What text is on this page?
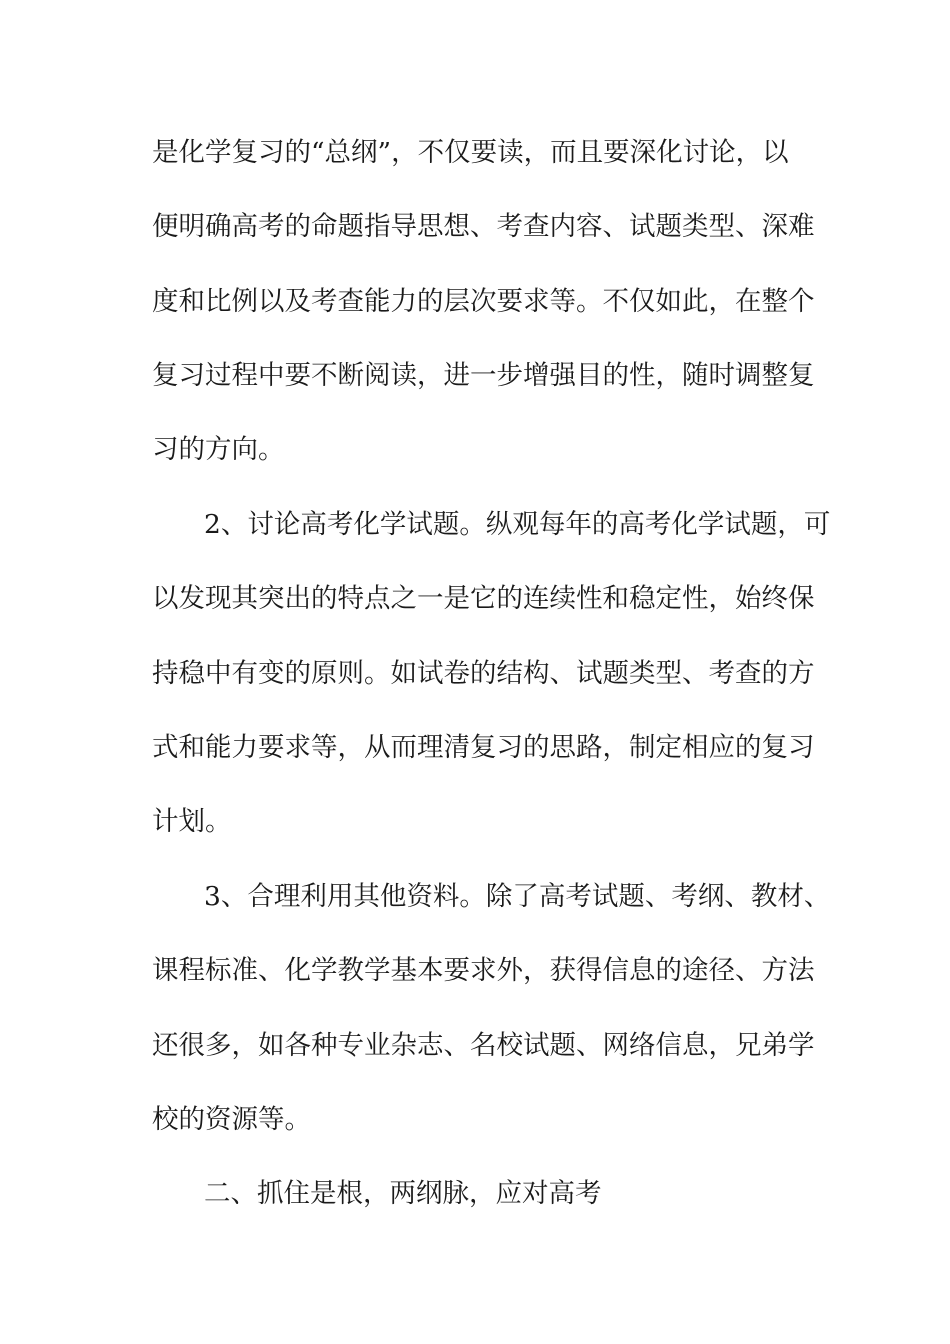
是化学复习的“总纲”，不仅要读，而且要深化讨论，以
便明确高考的命题指导思想、考查内容、试题类型、深难
度和比例以及考查能力的层次要求等。不仅如此，在整个
复习过程中要不断阅读，进一步增强目的性，随时调整复
习的方向。
2、讨论高考化学试题。纵观每年的高考化学试题，可
以发现其突出的特点之一是它的连续性和稳定性，始终保
持稳中有变的原则。如试卷的结构、试题类型、考查的方
式和能力要求等，从而理清复习的思路，制定相应的复习
计划。
3、合理利用其他资料。除了高考试题、考纲、教材、
课程标准、化学教学基本要求外，获得信息的途径、方法
还很多，如各种专业杂志、名校试题、网络信息，兄弟学
校的资源等。
二、抓住是根，两纲脉，应对高考
